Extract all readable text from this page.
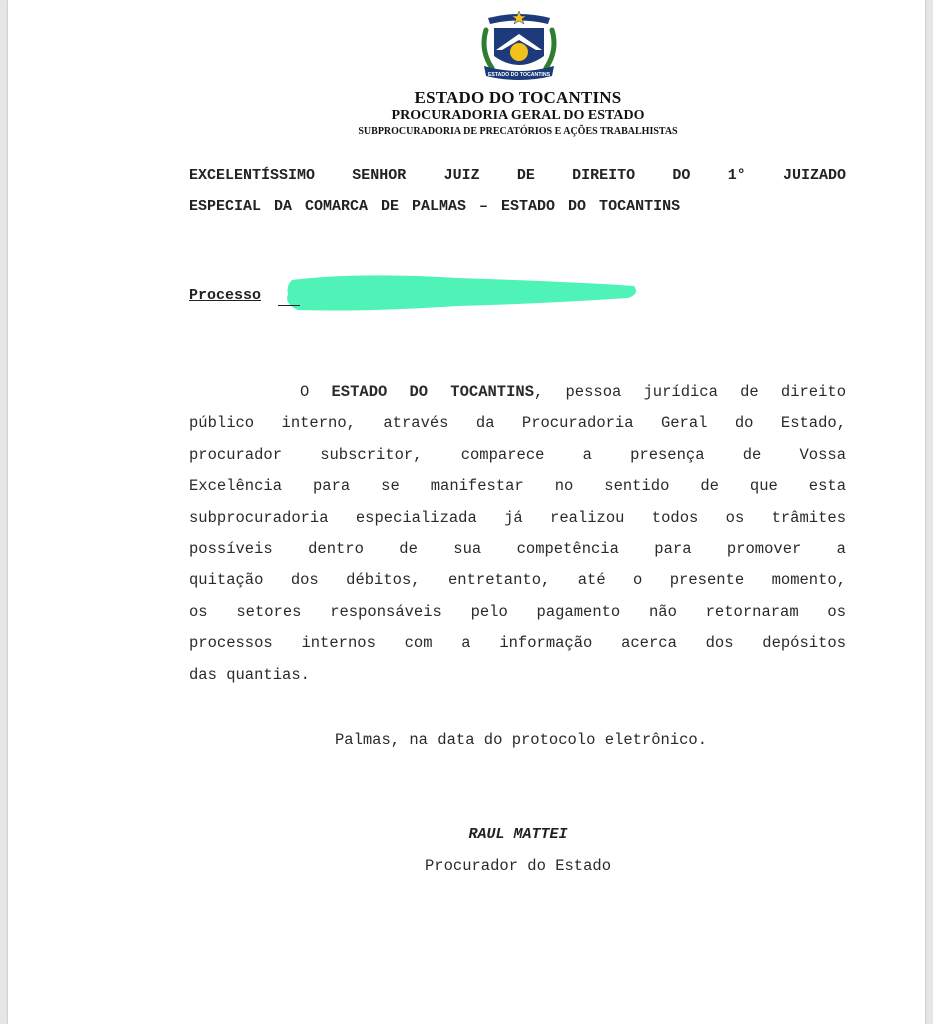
ESTADO DO TOCANTINS
ESTADO DO TOCANTINS
PROCURADORIA GERAL DO ESTADO
SUBPROCURADORIA DE PRECATÓRIOS E AÇÕES TRABALHISTAS
EXCELENTÍSSIMO SENHOR JUIZ DE DIREITO DO 1° JUIZADO
ESPECIAL DA COMARCA DE PALMAS – ESTADO DO TOCANTINS
Processo
O ESTADO DO TOCANTINS, pessoa jurídica de direito
público interno, através da Procuradoria Geral do Estado,
procurador subscritor, comparece a presença de Vossa
Excelência para se manifestar no sentido de que esta
subprocuradoria especializada já realizou todos os trâmites
possíveis dentro de sua competência para promover a
quitação dos débitos, entretanto, até o presente momento,
os setores responsáveis pelo pagamento não retornaram os
processos internos com a informação acerca dos depósitos
das quantias.
Palmas, na data do protocolo eletrônico.
RAUL MATTEI
Procurador do Estado
